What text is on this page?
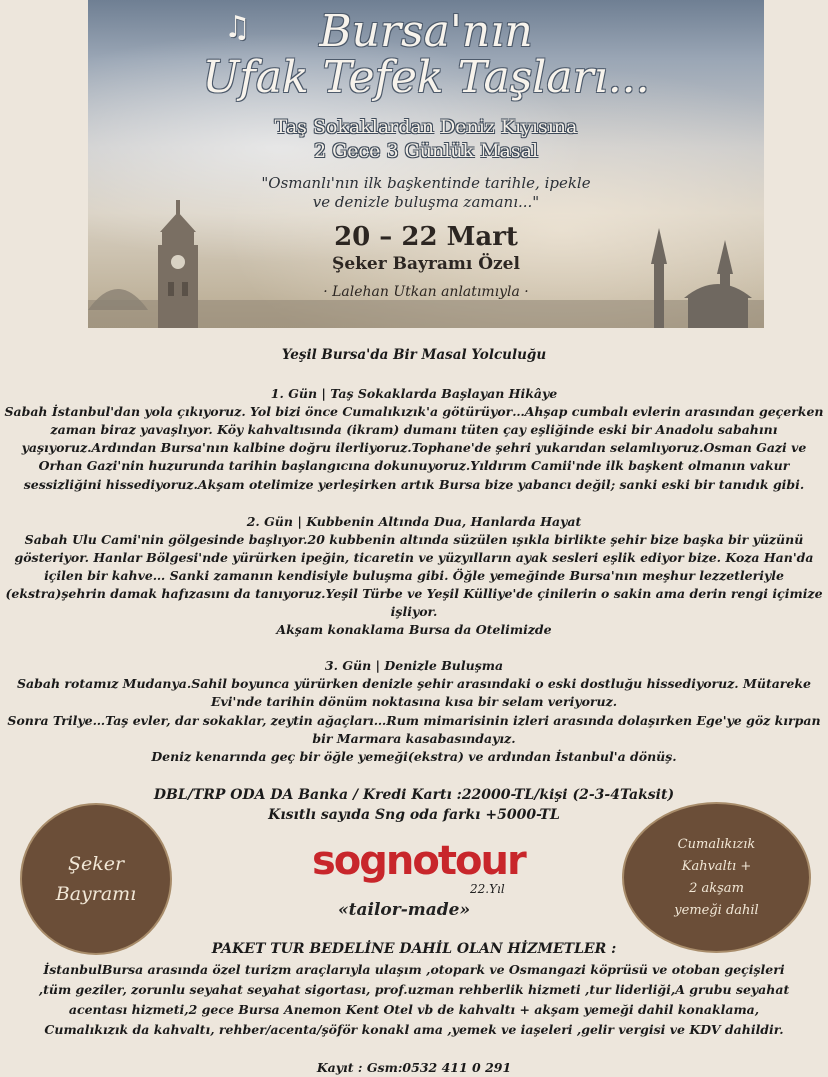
♫	Bursa'nın
Ufak Tefek Taşları...
Taş Sokaklardan Deniz Kıyısına
2 Gece 3 Günlük Masal
"Osmanlı'nın ilk başkentinde tarihle, ipekle
ve denizle buluşma zamanı..."
20 – 22 Mart
Şeker Bayramı Özel
· Lalehan Utkan anlatımıyla ·
Yeşil Bursa'da Bir Masal Yolculuğu
1. Gün | Taş Sokaklarda Başlayan Hikâye
Sabah İstanbul'dan yola çıkıyoruz. Yol bizi önce Cumalıkızık'a götürüyor…Ahşap cumbalı evlerin arasından geçerken
zaman biraz yavaşlıyor. Köy kahvaltısında (ikram) dumanı tüten çay eşliğinde eski bir Anadolu sabahını
yaşıyoruz.Ardından Bursa'nın kalbine doğru ilerliyoruz.Tophane'de şehri yukarıdan selamlıyoruz.Osman Gazi ve
Orhan Gazi'nin huzurunda tarihin başlangıcına dokunuyoruz.Yıldırım Camii'nde ilk başkent olmanın vakur
sessizliğini hissediyoruz.Akşam otelimize yerleşirken artık Bursa bize yabancı değil; sanki eski bir tanıdık gibi.
2. Gün | Kubbenin Altında Dua, Hanlarda Hayat
Sabah Ulu Cami'nin gölgesinde başlıyor.20 kubbenin altında süzülen ışıkla birlikte şehir bize başka bir yüzünü
gösteriyor. Hanlar Bölgesi'nde yürürken ipeğin, ticaretin ve yüzyılların ayak sesleri eşlik ediyor bize. Koza Han'da
içilen bir kahve… Sanki zamanın kendisiyle buluşma gibi. Öğle yemeğinde Bursa'nın meşhur lezzetleriyle
(ekstra)şehrin damak hafızasını da tanıyoruz.Yeşil Türbe ve Yeşil Külliye'de çinilerin o sakin ama derin rengi içimize
işliyor.
Akşam konaklama Bursa da Otelimizde
3. Gün | Denizle Buluşma
Sabah rotamız Mudanya.Sahil boyunca yürürken denizle şehir arasındaki o eski dostluğu hissediyoruz. Mütareke
Evi'nde tarihin dönüm noktasına kısa bir selam veriyoruz.
Sonra Trilye…Taş evler, dar sokaklar, zeytin ağaçları…Rum mimarisinin izleri arasında dolaşırken Ege'ye göz kırpan
bir Marmara kasabasındayız.
Deniz kenarında geç bir öğle yemeği(ekstra) ve ardından İstanbul'a dönüş.
DBL/TRP ODA DA Banka / Kredi Kartı :22000-TL/kişi (2-3-4Taksit)
Kısıtlı sayıda Sng oda farkı +5000-TL
Şeker
Bayramı
sognotour
22.Yıl
«tailor-made»
Cumalıkızık
Kahvaltı +
2 akşam
yemeği dahil
PAKET TUR BEDELİNE DAHİL OLAN HİZMETLER :
İstanbulBursa arasında özel turizm araçlarıyla ulaşım ,otopark ve Osmangazi köprüsü ve otoban geçişleri
,tüm geziler, zorunlu seyahat seyahat sigortası, prof.uzman rehberlik hizmeti ,tur liderliği,A grubu seyahat
acentası hizmeti,2 gece Bursa Anemon Kent Otel vb de kahvaltı + akşam yemeği dahil konaklama,
Cumalıkızık da kahvaltı, rehber/acenta/şöför konakl ama ,yemek ve iaşeleri ,gelir vergisi ve KDV dahildir.
Kayıt : Gsm:0532 411 0 291
